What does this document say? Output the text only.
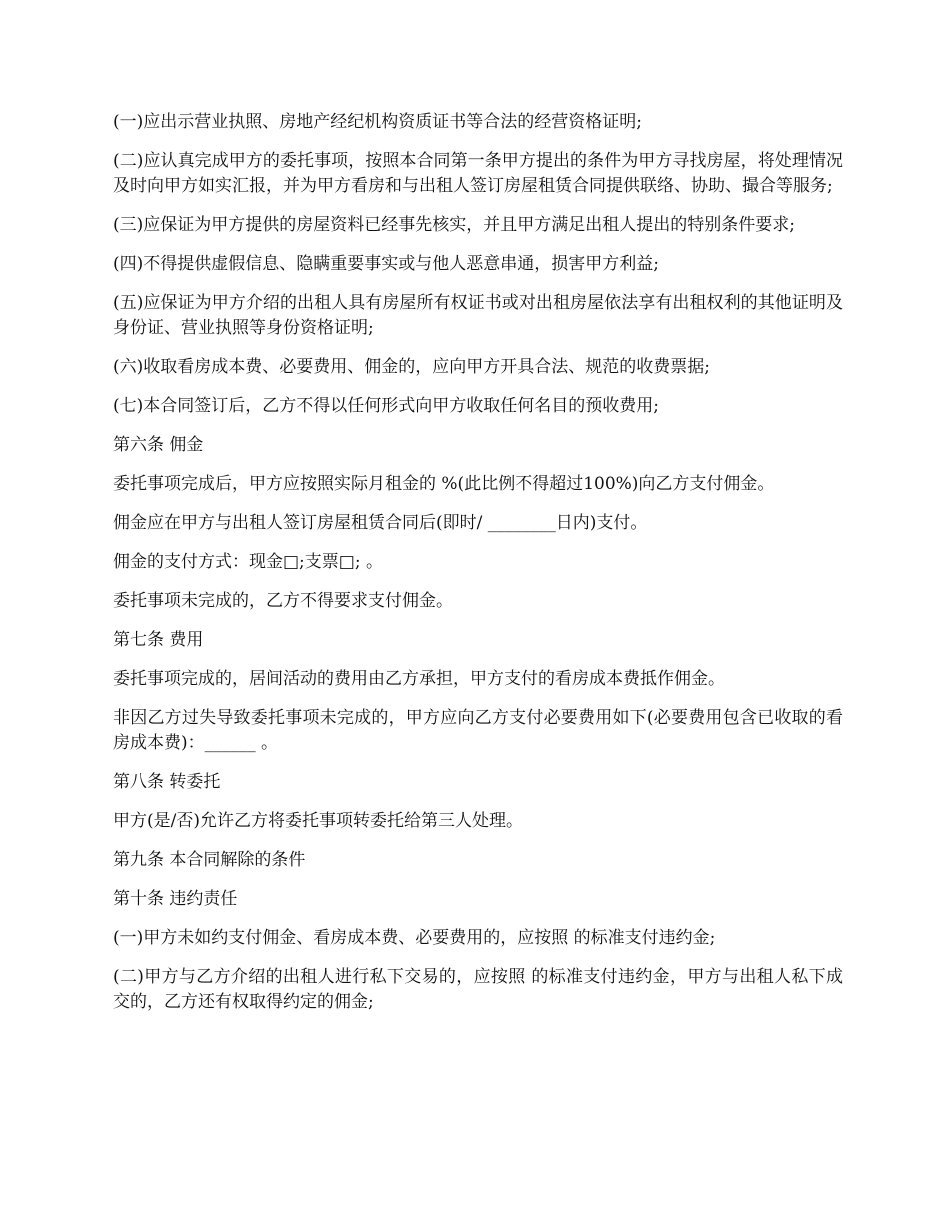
(一)应出示营业执照、房地产经纪机构资质证书等合法的经营资格证明;

(二)应认真完成甲方的委托事项，按照本合同第一条甲方提出的条件为甲方寻找房屋，将处理情况及时向甲方如实汇报，并为甲方看房和与出租人签订房屋租赁合同提供联络、协助、撮合等服务;

(三)应保证为甲方提供的房屋资料已经事先核实，并且甲方满足出租人提出的特别条件要求;

(四)不得提供虚假信息、隐瞒重要事实或与他人恶意串通，损害甲方利益;

(五)应保证为甲方介绍的出租人具有房屋所有权证书或对出租房屋依法享有出租权利的其他证明及身份证、营业执照等身份资格证明;

(六)收取看房成本费、必要费用、佣金的，应向甲方开具合法、规范的收费票据;

(七)本合同签订后，乙方不得以任何形式向甲方收取任何名目的预收费用;

第六条 佣金

委托事项完成后，甲方应按照实际月租金的 %(此比例不得超过100%)向乙方支付佣金。

佣金应在甲方与出租人签订房屋租赁合同后(即时/ ________日内)支付。

佣金的支付方式：现金□;支票□; 。

委托事项未完成的，乙方不得要求支付佣金。

第七条 费用

委托事项完成的，居间活动的费用由乙方承担，甲方支付的看房成本费抵作佣金。

非因乙方过失导致委托事项未完成的，甲方应向乙方支付必要费用如下(必要费用包含已收取的看房成本费)：______ 。

第八条 转委托

甲方(是/否)允许乙方将委托事项转委托给第三人处理。

第九条 本合同解除的条件

第十条 违约责任

(一)甲方未如约支付佣金、看房成本费、必要费用的，应按照 的标准支付违约金;

(二)甲方与乙方介绍的出租人进行私下交易的，应按照 的标准支付违约金，甲方与出租人私下成交的，乙方还有权取得约定的佣金;
